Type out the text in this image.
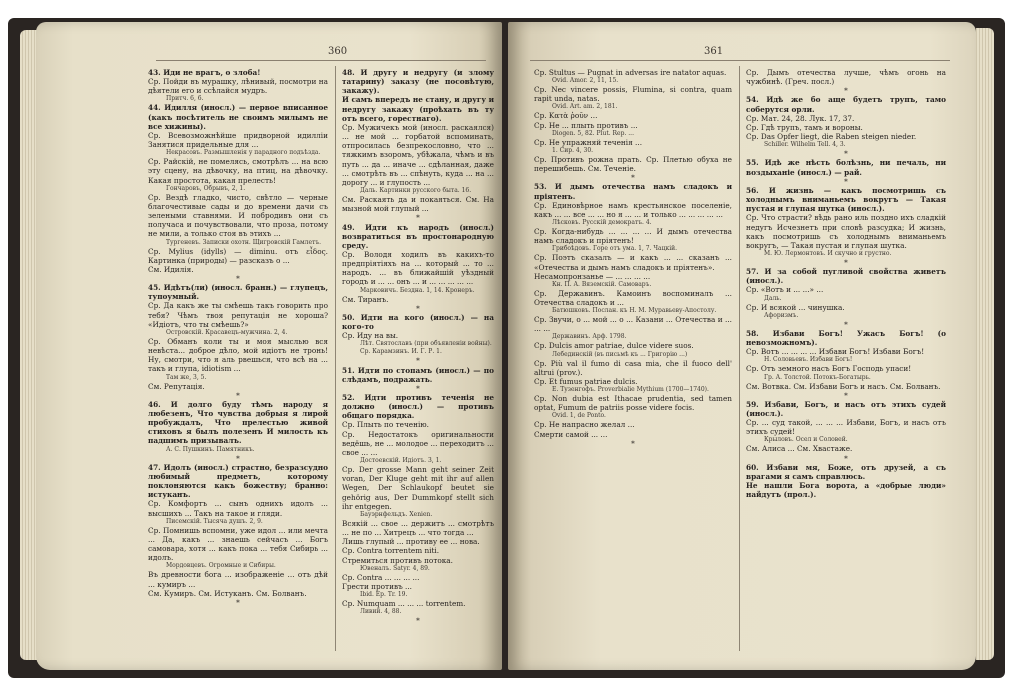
360

43. Иди не врагъ, о злоба!

Ср. Пойди въ мурашку, лѣнивый, посмотри на дѣятели его и ссѣлайся мудръ.

Притч. 6, 6.

44. Идилля (иносл.) — первое вписанное (какъ посѣтитель не своимъ милымъ не все хижины).

Ср. Всевозможнѣйше придворной идилліи Занятися придельные для ...

Некрасовъ. Размышленія у парадного подъѣзда.

Ср. Райскій, не помелясь, смотрѣлъ ... на всю эту сцену, на дѣвочку, на птиц, на дѣвочку. Какая простота, какая прелесть!

Гончаровъ, Обрывъ, 2, 1.

Ср. Вездѣ гладко, чисто, свѣтло — черные благочестивые сады и до времени дачи съ зелеными ставнями. И побродивъ они съ получаса и почувствовали, что проза, потому не мили, а только стоя въ этихъ ...

Тургеневъ. Записки охотн. Щигровскій Гамлетъ.

Ср. Mylius (idylls) — diminu. отъ εἶδος. Картинка (природы) — разсказъ о ...

См. Идилія.

*

45. Идѣтъ(ли) (иносл. бранн.) — глупецъ, тупоумный.

Ср. Да какъ же ты смѣешь такъ говорить про тебя? Чѣмъ твоя репутація не хороша? «Идіотъ, что ты смѣешь?»

Островскій. Красавецъ-мужчина. 2, 4.

Ср. Обманъ коли ты и моя мыслью вся невѣста... доброе дѣло, мой идіотъ не тронь! Ну, смотри, что я аль рвешься, что всѣ на ... такъ и глупа, idiotism ...

Там же, 3, 5.

См. Репутація.

*

46. И долго буду тѣмъ народу я любезенъ, Что чувства добрыя я лирой пробуждалъ, Что прелестью живой стиховъ я былъ полезенъ И милость къ падшимъ призывалъ.

А. С. Пушкинъ. Памятникъ.

*

47. Идолъ (иносл.) страстно, безразсудно любимый предметъ, которому поклоняются какъ божеству; бранно: истуканъ.

Ср. Комфортъ ... сынъ однихъ идолъ ... высшихъ ... Такъ на такое и гляди.

Писемскій. Тысяча душъ. 2, 9.

Ср. Помнишь вспомни, уже идол ... или мечта ... Да, какъ ... знаешь сейчасъ ... Богъ самовара, хотя ... какъ пока ... тебя Сибирь ... идолъ.

Мордовцевъ. Огромные и Сибиры.

Въ древности бога ... изображеніе ... отъ дѣй ... кумиръ ...

См. Кумиръ. См. Истуканъ. См. Болванъ.

*

48. И другу и недругу (и злому татарину) заказу (не посовѣтую, закажу).

И самъ впередъ не стану, и другу и недругу закажу (проѣхать въ ту отъ всего, горестнаго).

Ср. Мужичекъ мой (иносл. раскаялся) ... не мой ... горбатой вспоминать, отпросилась безпрекословно, что ... тяжкимъ взоромъ, убѣжала, чѣмъ и въ путь ... да ... иначе ... сдѣланная, даже ... смотрѣть въ ... спѣнуть, куда ... на ... дорогу ... и глупость ...

Даль. Картинки русского быта. 16.

См. Раскаять да и покаяться. См. На мызной мой глупый ...

*

49. Идти къ народъ (иносл.) возвратиться въ простонародную среду.

Ср. Володя ходилъ въ какихъ-то предпріятіяхъ на ... который ... то ... народъ. ... въ ближайшій уѣздный городъ и ... ... онъ ... и ... ... ... ... ...

Марковичъ. Бездна. 1, 14. Кронеръ.

См. Тиранъ.

*

50. Идти на кого (иносл.) — на кого-то

Ср. Иду на вы.

Лѣт. Святославъ (при объявленіи войны).

Ср. Карамзинъ. И. Г. Р. 1.

*

51. Идти по стопамъ (иносл.) — по слѣдамъ, подражать.

*

52. Идти противъ теченія не должно (иносл.) — противъ общаго порядка.

Ср. Плыть по теченію.

Ср. Недостатокъ оригинальности ведёшь, не ... молодое ... переходитъ ... свое ... ...

Достоевскій. Идіотъ. 3, 1.

Ср. Der grosse Mann geht seiner Zeit voran, Der Kluge geht mit ihr auf allen Wegen, Der Schlaukopf beutet sie gehörig aus, Der Dummkopf stellt sich ihr entgegen.

Бауэрнфельдъ. Xenien.

Всякій ... свое ... держитъ ... смотрѣтъ ... не по ... Хитрецъ ... что тогда ...

Лишь глупый ... противу ее ... нова.

Ср. Contra torrentem niti.

Стремиться противъ потока.

Ювеналъ. Satyr. 4, 89.

Ср. Contra ... ... ... ...

Грести противъ ...

Ibid. Ep. Tr. 19.

Ср. Numquam ... ... ... torrentem.

Ливий. 4, 88.

*

361

Ср. Stultus — Pugnat in adversas ire natator aquas.

Ovid. Amor. 2, 11, 15.

Ср. Nec vincere possis, Flumina, si contra, quam rapit unda, natas.

Ovid. Art. am. 2, 181.

Ср. Κατὰ ῥοῦν ...

Ср. Не ... плыть противъ ...

Diogen. 5, 82. Plut. Rep. ...

Ср. Не упражняй теченія ...

1. Сир. 4, 30.

Ср. Противъ рожна прать. Ср. Плетью обуха не перешибешь. См. Теченіе.

*

53. И дымъ отечества намъ сладокъ и пріятенъ.

Ср. Единовѣрное намъ крестьянское поселеніе, какъ ... ... все ... ... но я ... ... и только ... ... ... ... ...

Лѣсковъ. Русскій демократъ. 4.

Ср. Когда-нибудь ... ... ... ... И дымъ отечества намъ сладокъ и пріятенъ!

Грибоѣдовъ. Горе отъ ума. 1, 7. Чацкій.

Ср. Поэтъ сказалъ — и какъ ... ... сказанъ ... «Отечества и дымъ намъ сладокъ и пріятенъ».

Несамопронзанье — ... ... ... ...

Кн. П. А. Вяземскій. Самоваръ.

Ср. Державинъ. Камоинъ воспоминалъ ... Отечества сладокъ и ...

Батюшковъ. Послан. къ Н. М. Муравьеву-Апостолу.

Ср. Звучи, о ... мой ... о ... Казани ... Отечества и ... ... ...

Державинъ. Арф. 1798.

Ср. Dulcis amor patriae, dulce videre suos.

Лебединскій (въ письмѣ къ ... Григорію ...)

Ср. Più val il fumo di casa mia, che il fuoco dell' altrui (prov.).

Ср. Et fumus patriae dulcis.

Е. Тузенгофъ. Proverbialie Mythium (1700—1740).

Ср. Non dubia est Ithacae prudentia, sed tamen optat, Fumum de patriis posse videre focis.

Ovid. 1, de Ponto.

Ср. Не напрасно желал ...

Смерти самой ... ...

*

Ср. Дымъ отечества лучше, чѣмъ огонь на чужбинѣ. (Греч. посл.)

*

54. Идѣ же бо аще будетъ трупъ, тамо соберутся орли.

Ср. Мат. 24, 28. Лук. 17, 37.

Ср. Гдѣ трупъ, тамъ и вороны.

Ср. Das Opfer liegt, die Raben steigen nieder.

Schiller. Wilhelm Tell. 4, 3.

*

55. Идѣ же нѣсть болѣзнь, ни печаль, ни воздыханіе (иносл.) — рай.

*

56. И жизнь — какъ посмотришь съ холоднымъ вниманьемъ вокругъ — Такая пустая и глупая шутка (иносл.).

Ср. Что страсти? вѣдь рано иль поздно ихъ сладкій недугъ Исчезнетъ при словѣ разсудка; И жизнь, какъ посмотришь съ холоднымъ вниманьемъ вокругъ, — Такая пустая и глупая шутка.

М. Ю. Лермонтовъ. И скучно и грустно.

*

57. И за собой пугливой свойства живетъ (иносл.).

Ср. «Вотъ и ... ...» ...

Даль.

Ср. И всякой ... чинушка.

Афоризмъ.

*

58. Избави Богъ! Ужасъ Богъ! (о невозможномъ).

Ср. Вотъ ... ... ... ... Избави Богъ! Избави Богъ!

Н. Соловьевъ. Избави Богъ!

Ср. Отъ земного насъ Богъ Господь упаси!

Гр. А. Толстой. Потокъ-Богатырь.

См. Вотвка. См. Избави Богъ и насъ. См. Болванъ.

*

59. Избави, Богъ, и насъ отъ этихъ судей (иносл.).

Ср. ... суд такой, ... ... ... Избави, Богъ, и насъ отъ этихъ судей!

Крыловъ. Осел и Соловей.

См. Алиса ... См. Хвастаже.

*

60. Избави мя, Боже, отъ друзей, а съ врагами я самъ справлюсь.

Не нашли Бога ворота, а «добрые люди» найдутъ (прол.).
